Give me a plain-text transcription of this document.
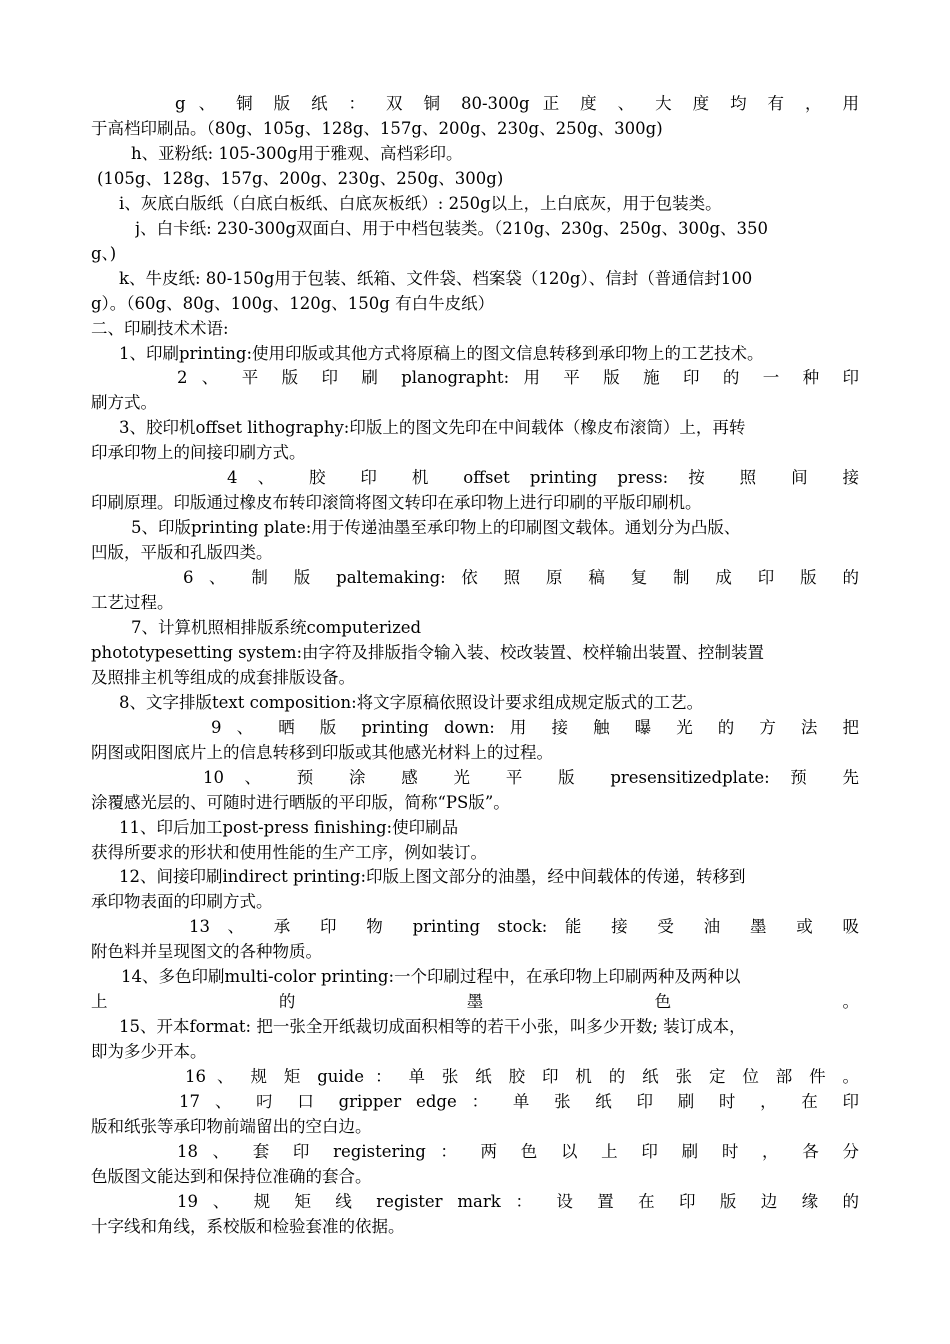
g 、 铜 版 纸 ： 双 铜 80-300g 正 度 、 大 度 均 有 ， 用
于高档印刷品。（80g、105g、128g、157g、200g、230g、250g、300g)
h、亚粉纸: 105-300g用于雅观、高档彩印。
(105g、128g、157g、200g、230g、250g、300g)
i、灰底白版纸（白底白板纸、白底灰板纸）: 250g以上，上白底灰，用于包装类。
j、白卡纸: 230-300g双面白、用于中档包装类。（210g、230g、250g、300g、350
g、)
k、牛皮纸: 80-150g用于包装、纸箱、文件袋、档案袋（120g）、信封（普通信封100
g）。（60g、80g、100g、120g、150g 有白牛皮纸）
二、印刷技术术语:
1、印刷printing:使用印版或其他方式将原稿上的图文信息转移到承印物上的工艺技术。
2 、 平 版 印 刷 planographt: 用 平 版 施 印 的 一 种 印
刷方式。
3、胶印机offset lithography:印版上的图文先印在中间载体（橡皮布滚筒）上，再转
印承印物上的间接印刷方式。
4 、 胶 印 机 offset printing press: 按 照 间 接
印刷原理。印版通过橡皮布转印滚筒将图文转印在承印物上进行印刷的平版印刷机。
5、印版printing plate:用于传递油墨至承印物上的印刷图文载体。通划分为凸版、
凹版，平版和孔版四类。
6 、 制 版 paltemaking: 依 照 原 稿 复 制 成 印 版 的
工艺过程。
7、计算机照相排版系统computerized
phototypesetting system:由字符及排版指令输入装、校改装置、校样输出装置、控制装置
及照排主机等组成的成套排版设备。
8、文字排版text composition:将文字原稿依照设计要求组成规定版式的工艺。
9 、 晒 版 printing down: 用 接 触 曝 光 的 方 法 把
阴图或阳图底片上的信息转移到印版或其他感光材料上的过程。
10 、 预 涂 感 光 平 版 presensitizedplate: 预 先
涂覆感光层的、可随时进行晒版的平印版，简称“PS版”。
11、印后加工post-press finishing:使印刷品
获得所要求的形状和使用性能的生产工序，例如装订。
12、间接印刷indirect printing:印版上图文部分的油墨，经中间载体的传递，转移到
承印物表面的印刷方式。
13 、 承 印 物 printing stock: 能 接 受 油 墨 或 吸
附色料并呈现图文的各种物质。
14、多色印刷multi-color printing:一个印刷过程中，在承印物上印刷两种及两种以
上 的 墨 色 。
15、开本format: 把一张全开纸裁切成面积相等的若干小张，叫多少开数; 装订成本，
即为多少开本。
16 、 规 矩 guide ： 单 张 纸 胶 印 机 的 纸 张 定 位 部 件 。
17 、 叼 口 gripper edge ： 单 张 纸 印 刷 时 ， 在 印
版和纸张等承印物前端留出的空白边。
18 、 套 印 registering ： 两 色 以 上 印 刷 时 ， 各 分
色版图文能达到和保持位准确的套合。
19 、 规 矩 线 register mark ： 设 置 在 印 版 边 缘 的
十字线和角线，系校版和检验套准的依据。
